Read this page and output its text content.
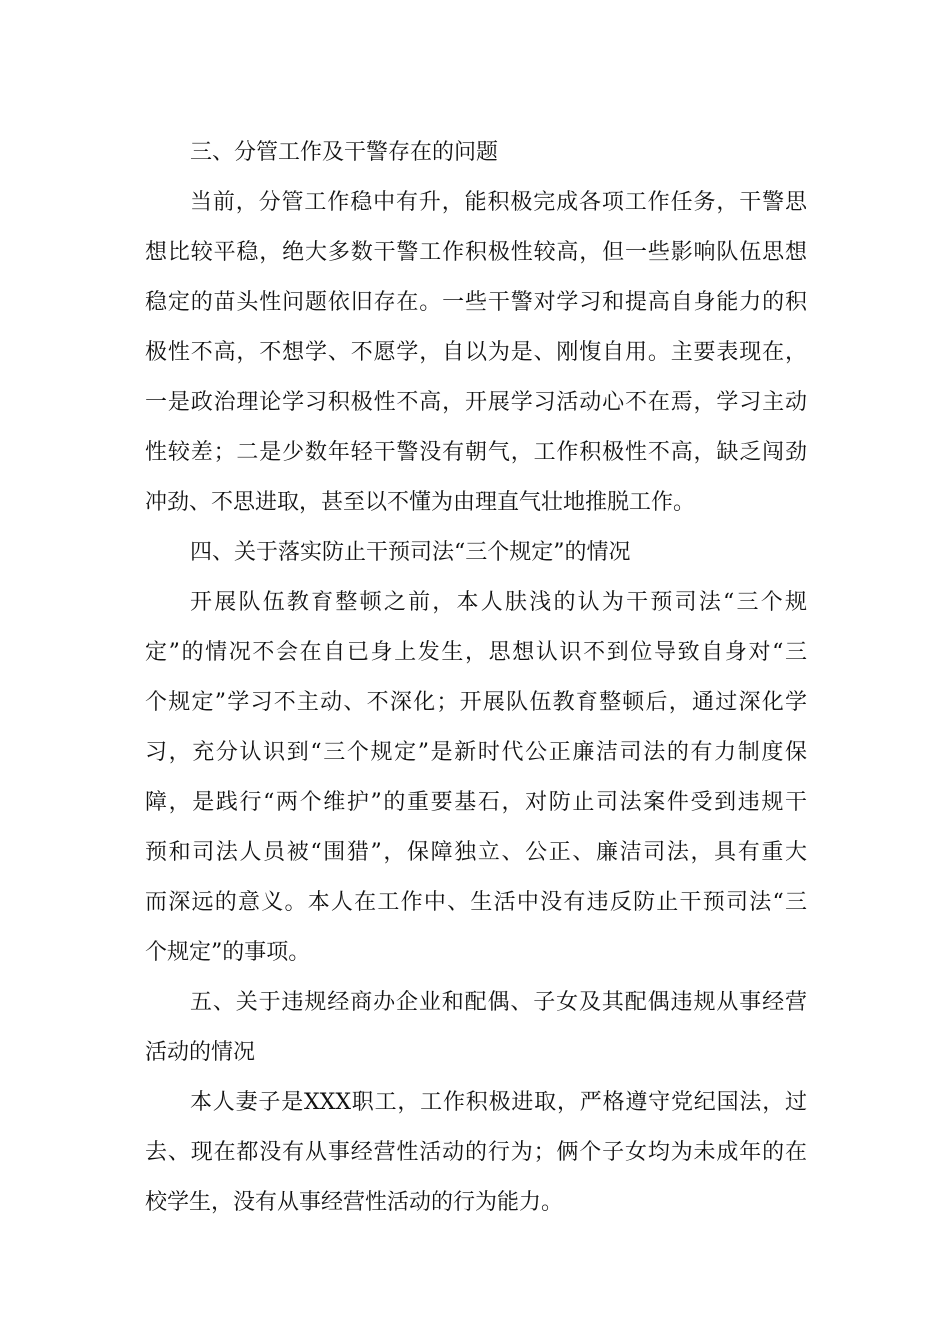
三、分管工作及干警存在的问题
当前，分管工作稳中有升，能积极完成各项工作任务，干警思
想比较平稳，绝大多数干警工作积极性较高，但一些影响队伍思想
稳定的苗头性问题依旧存在。一些干警对学习和提高自身能力的积
极性不高，不想学、不愿学，自以为是、刚愎自用。主要表现在，
一是政治理论学习积极性不高，开展学习活动心不在焉，学习主动
性较差；二是少数年轻干警没有朝气，工作积极性不高，缺乏闯劲
冲劲、不思进取，甚至以不懂为由理直气壮地推脱工作。
四、关于落实防止干预司法“三个规定”的情况
开展队伍教育整顿之前，本人肤浅的认为干预司法“三个规
定”的情况不会在自已身上发生，思想认识不到位导致自身对“三
个规定”学习不主动、不深化；开展队伍教育整顿后，通过深化学
习，充分认识到“三个规定”是新时代公正廉洁司法的有力制度保
障，是践行“两个维护”的重要基石，对防止司法案件受到违规干
预和司法人员被“围猎”，保障独立、公正、廉洁司法，具有重大
而深远的意义。本人在工作中、生活中没有违反防止干预司法“三
个规定”的事项。
五、关于违规经商办企业和配偶、子女及其配偶违规从事经营
活动的情况
本人妻子是XXX职工，工作积极进取，严格遵守党纪国法，过
去、现在都没有从事经营性活动的行为；俩个子女均为未成年的在
校学生，没有从事经营性活动的行为能力。
